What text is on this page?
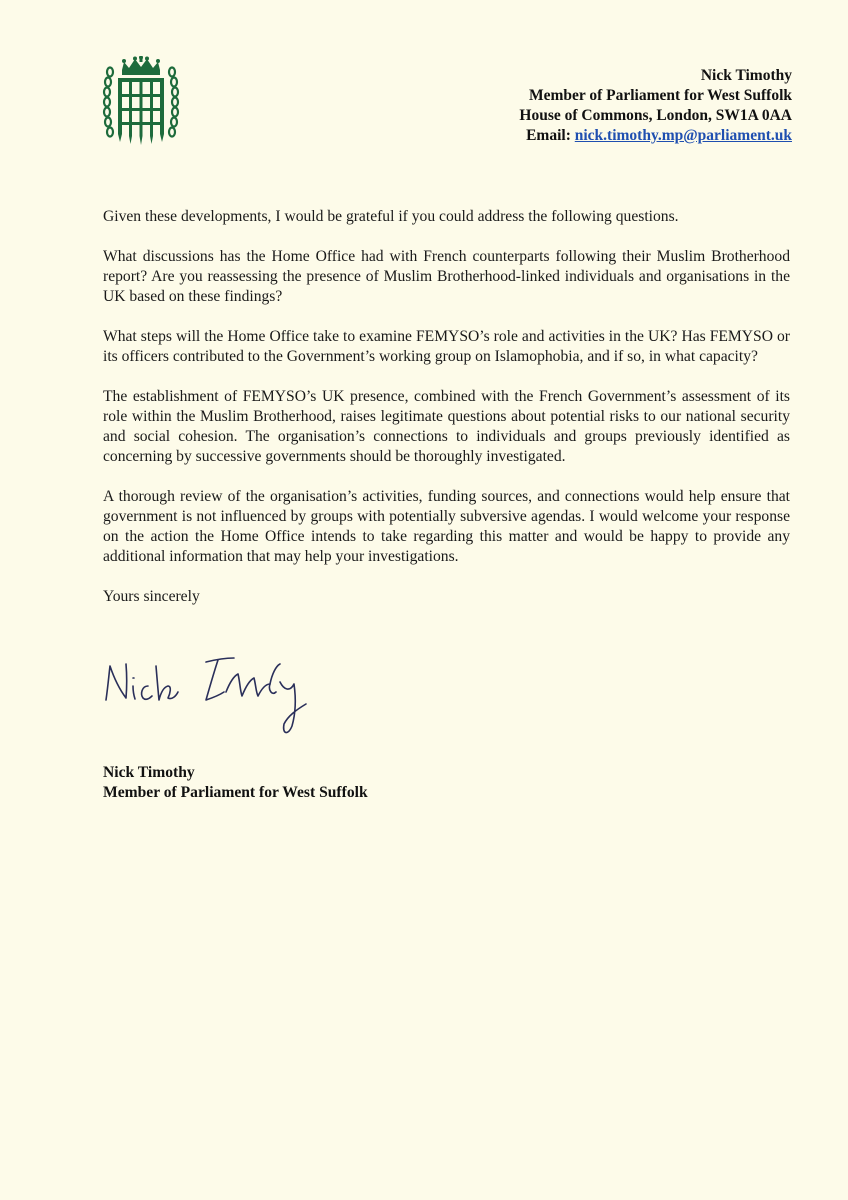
Nick Timothy
Member of Parliament for West Suffolk
House of Commons, London, SW1A 0AA
Email: nick.timothy.mp@parliament.uk

Given these developments, I would be grateful if you could address the following questions.

What discussions has the Home Office had with French counterparts following their Muslim Brotherhood report? Are you reassessing the presence of Muslim Brotherhood-linked individuals and organisations in the UK based on these findings?

What steps will the Home Office take to examine FEMYSO’s role and activities in the UK? Has FEMYSO or its officers contributed to the Government’s working group on Islamophobia, and if so, in what capacity?

The establishment of FEMYSO’s UK presence, combined with the French Government’s assessment of its role within the Muslim Brotherhood, raises legitimate questions about potential risks to our national security and social cohesion. The organisation’s connections to individuals and groups previously identified as concerning by successive governments should be thoroughly investigated.

A thorough review of the organisation’s activities, funding sources, and connections would help ensure that government is not influenced by groups with potentially subversive agendas. I would welcome your response on the action the Home Office intends to take regarding this matter and would be happy to provide any additional information that may help your investigations.

Yours sincerely

Nick Timothy
Member of Parliament for West Suffolk
